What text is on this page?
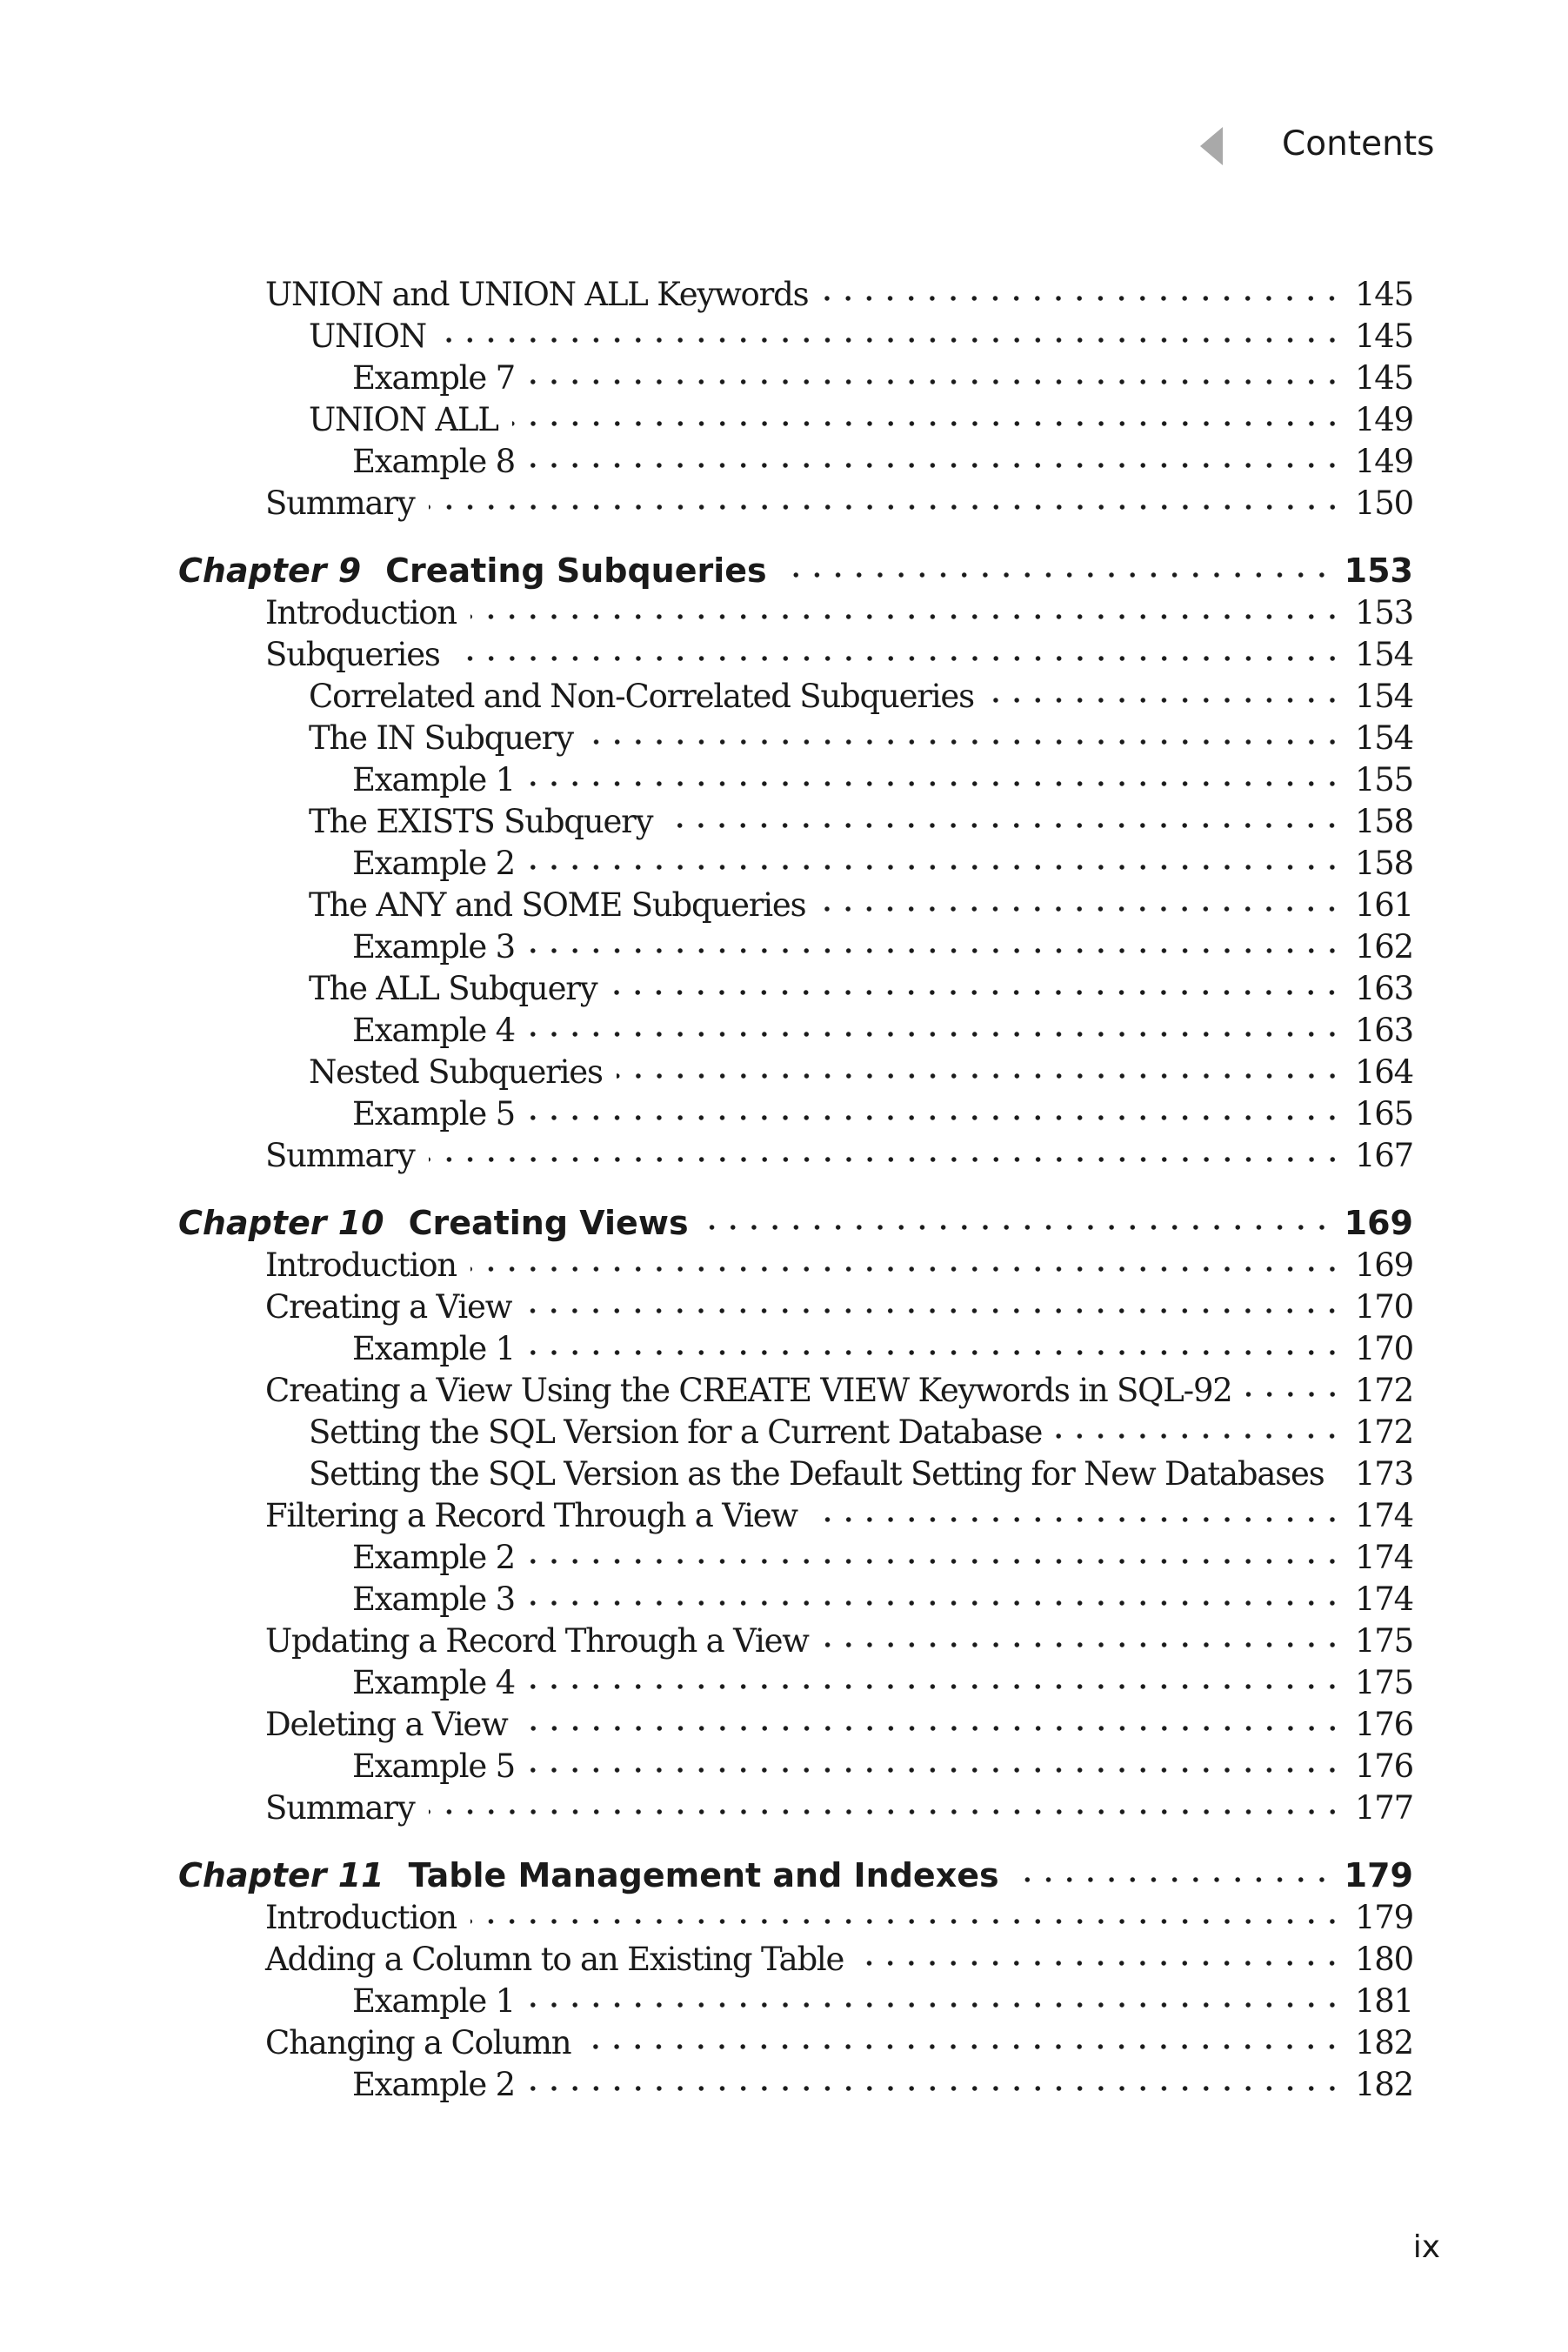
Contents
UNION and UNION ALL Keywords	145
UNION	145
Example 7	145
UNION ALL	149
Example 8	149
Summary	150
Chapter 9 Creating Subqueries	153
Introduction	153
Subqueries	154
Correlated and Non-Correlated Subqueries	154
The IN Subquery	154
Example 1	155
The EXISTS Subquery	158
Example 2	158
The ANY and SOME Subqueries	161
Example 3	162
The ALL Subquery	163
Example 4	163
Nested Subqueries	164
Example 5	165
Summary	167
Chapter 10 Creating Views	169
Introduction	169
Creating a View	170
Example 1	170
Creating a View Using the CREATE VIEW Keywords in SQL-92	172
Setting the SQL Version for a Current Database	172
Setting the SQL Version as the Default Setting for New Databases 173
Filtering a Record Through a View	174
Example 2	174
Example 3	174
Updating a Record Through a View	175
Example 4	175
Deleting a View	176
Example 5	176
Summary	177
Chapter 11 Table Management and Indexes	179
Introduction	179
Adding a Column to an Existing Table	180
Example 1	181
Changing a Column	182
Example 2	182
ix
